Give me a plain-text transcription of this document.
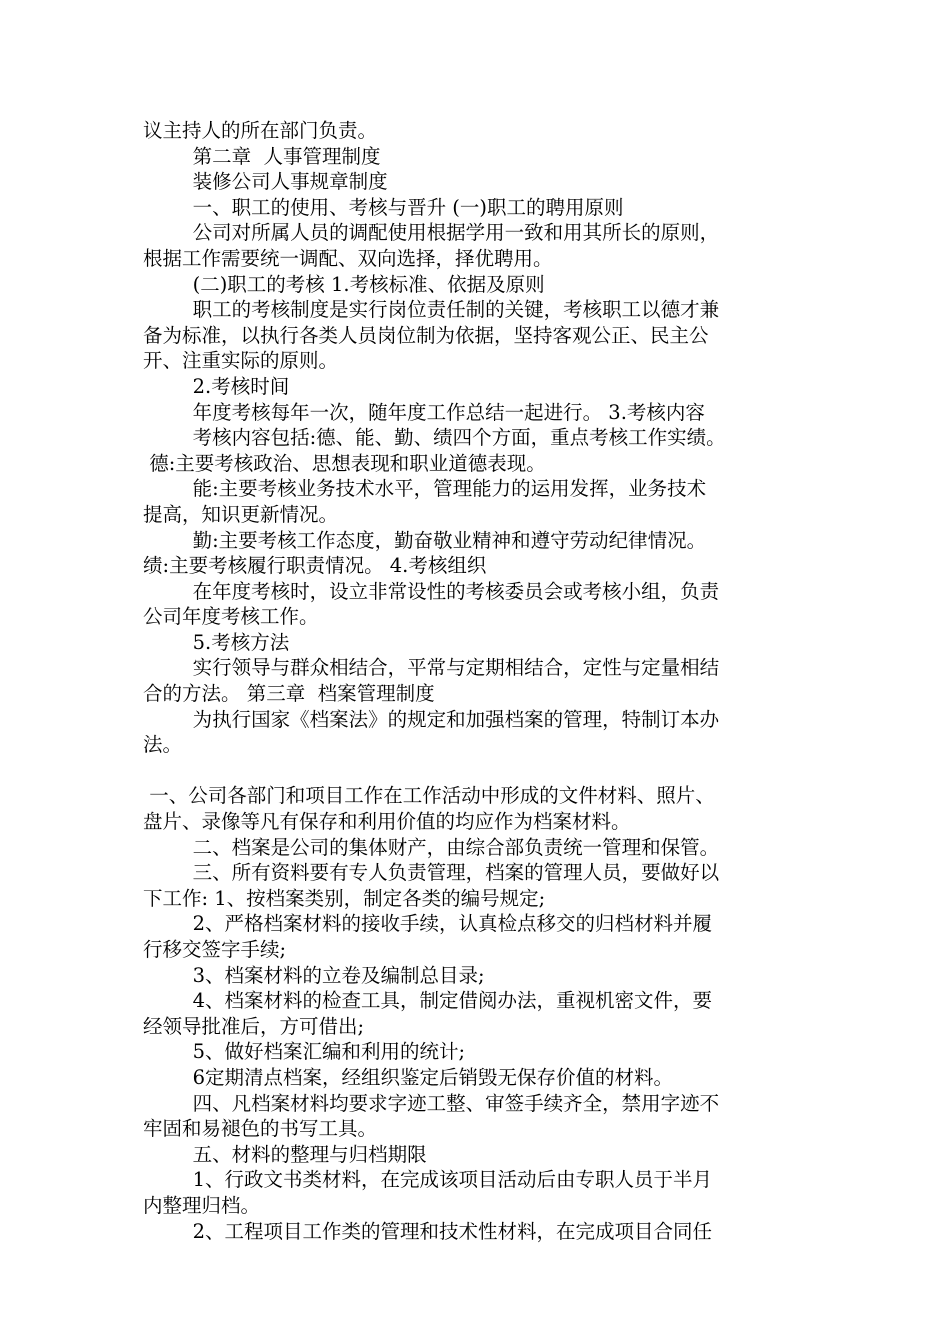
议主持人的所在部门负责。
第二章  人事管理制度
装修公司人事规章制度
一、职工的使用、考核与晋升 (一)职工的聘用原则
公司对所属人员的调配使用根据学用一致和用其所长的原则，
根据工作需要统一调配、双向选择，择优聘用。
(二)职工的考核 1.考核标准、依据及原则
职工的考核制度是实行岗位责任制的关键，考核职工以德才兼
备为标准，以执行各类人员岗位制为依据，坚持客观公正、民主公
开、注重实际的原则。
2.考核时间
年度考核每年一次，随年度工作总结一起进行。 3.考核内容
考核内容包括:德、能、勤、绩四个方面，重点考核工作实绩。
德:主要考核政治、思想表现和职业道德表现。
能:主要考核业务技术水平，管理能力的运用发挥，业务技术
提高，知识更新情况。
勤:主要考核工作态度，勤奋敬业精神和遵守劳动纪律情况。
绩:主要考核履行职责情况。 4.考核组织
在年度考核时，设立非常设性的考核委员会或考核小组，负责
公司年度考核工作。
5.考核方法
实行领导与群众相结合，平常与定期相结合，定性与定量相结
合的方法。 第三章  档案管理制度
为执行国家《档案法》的规定和加强档案的管理，特制订本办
法。
一、公司各部门和项目工作在工作活动中形成的文件材料、照片、
盘片、录像等凡有保存和利用价值的均应作为档案材料。
二、档案是公司的集体财产，由综合部负责统一管理和保管。
三、所有资料要有专人负责管理，档案的管理人员，要做好以
下工作: 1、按档案类别，制定各类的编号规定;
2、严格档案材料的接收手续，认真检点移交的归档材料并履
行移交签字手续;
3、档案材料的立卷及编制总目录;
4、档案材料的检查工具，制定借阅办法，重视机密文件，要
经领导批准后，方可借出;
5、做好档案汇编和利用的统计;
6定期清点档案，经组织鉴定后销毁无保存价值的材料。
四、凡档案材料均要求字迹工整、审签手续齐全，禁用字迹不
牢固和易褪色的书写工具。
五、材料的整理与归档期限
1、行政文书类材料，在完成该项目活动后由专职人员于半月
内整理归档。
2、工程项目工作类的管理和技术性材料，在完成项目合同任
